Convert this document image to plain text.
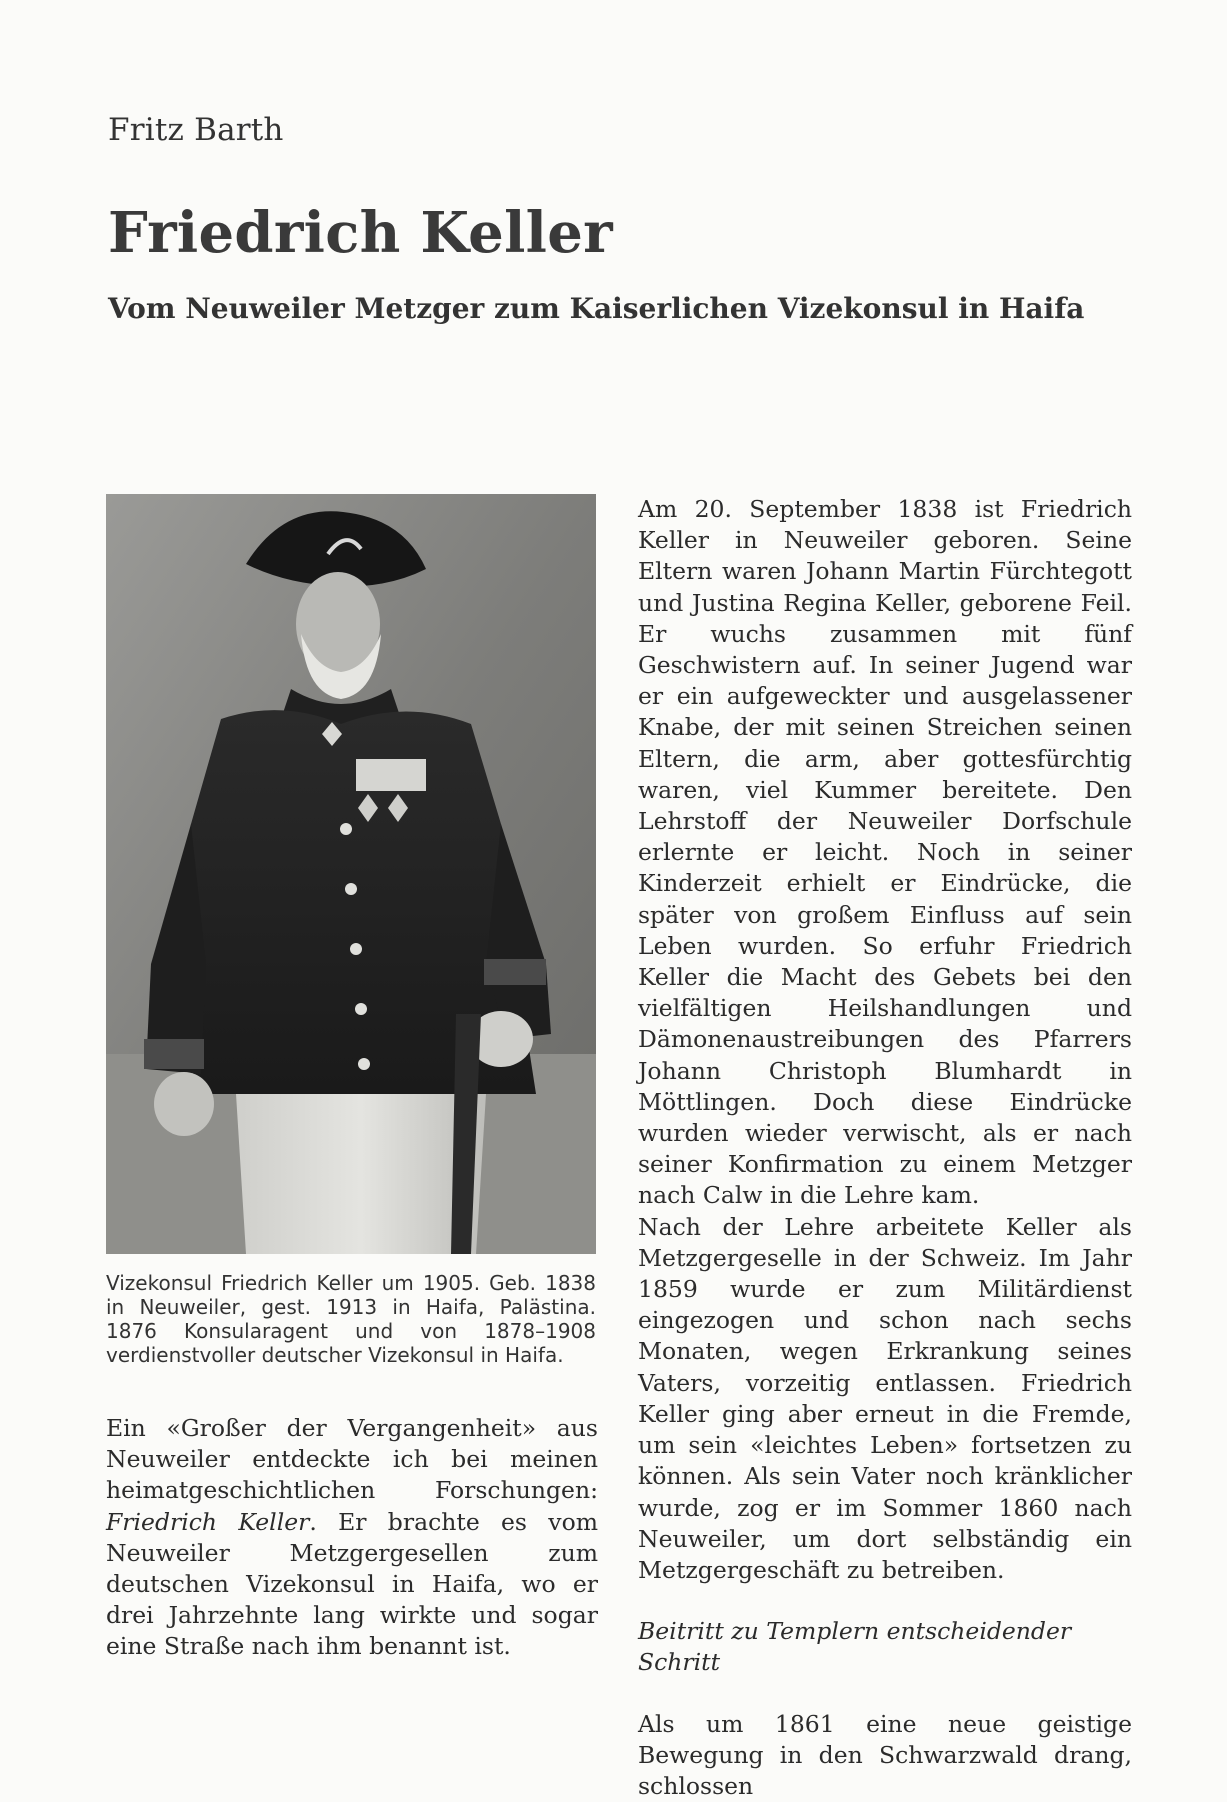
Fritz Barth
Friedrich Keller
Vom Neuweiler Metzger zum Kaiserlichen Vizekonsul in Haifa
Vizekonsul Friedrich Keller um 1905. Geb. 1838 in Neuweiler, gest. 1913 in Haifa, Palästina. 1876 Konsularagent und von 1878–1908 verdienstvoller deutscher Vizekonsul in Haifa.

Ein «Großer der Vergangenheit» aus Neuweiler entdeckte ich bei meinen heimatgeschichtlichen Forschungen: Friedrich Keller. Er brachte es vom Neuweiler Metzgergesellen zum deutschen Vizekonsul in Haifa, wo er drei Jahrzehnte lang wirkte und sogar eine Straße nach ihm benannt ist.

Am 20. September 1838 ist Friedrich Keller in Neuweiler geboren. Seine Eltern waren Johann Martin Fürchtegott und Justina Regina Keller, geborene Feil. Er wuchs zusammen mit fünf Geschwistern auf. In seiner Jugend war er ein aufgeweckter und ausgelassener Knabe, der mit seinen Streichen seinen Eltern, die arm, aber gottesfürchtig waren, viel Kummer bereitete. Den Lehrstoff der Neuweiler Dorfschule erlernte er leicht. Noch in seiner Kinderzeit erhielt er Eindrücke, die später von großem Einfluss auf sein Leben wurden. So erfuhr Friedrich Keller die Macht des Gebets bei den vielfältigen Heilshandlungen und Dämonenaustreibungen des Pfarrers Johann Christoph Blumhardt in Möttlingen. Doch diese Eindrücke wurden wieder verwischt, als er nach seiner Konfirmation zu einem Metzger nach Calw in die Lehre kam.

Nach der Lehre arbeitete Keller als Metzgergeselle in der Schweiz. Im Jahr 1859 wurde er zum Militärdienst eingezogen und schon nach sechs Monaten, wegen Erkrankung seines Vaters, vorzeitig entlassen. Friedrich Keller ging aber erneut in die Fremde, um sein «leichtes Leben» fortsetzen zu können. Als sein Vater noch kränklicher wurde, zog er im Sommer 1860 nach Neuweiler, um dort selbständig ein Metzgergeschäft zu betreiben.

Beitritt zu Templern entscheidender Schritt

Als um 1861 eine neue geistige Bewegung in den Schwarzwald drang, schlossen
